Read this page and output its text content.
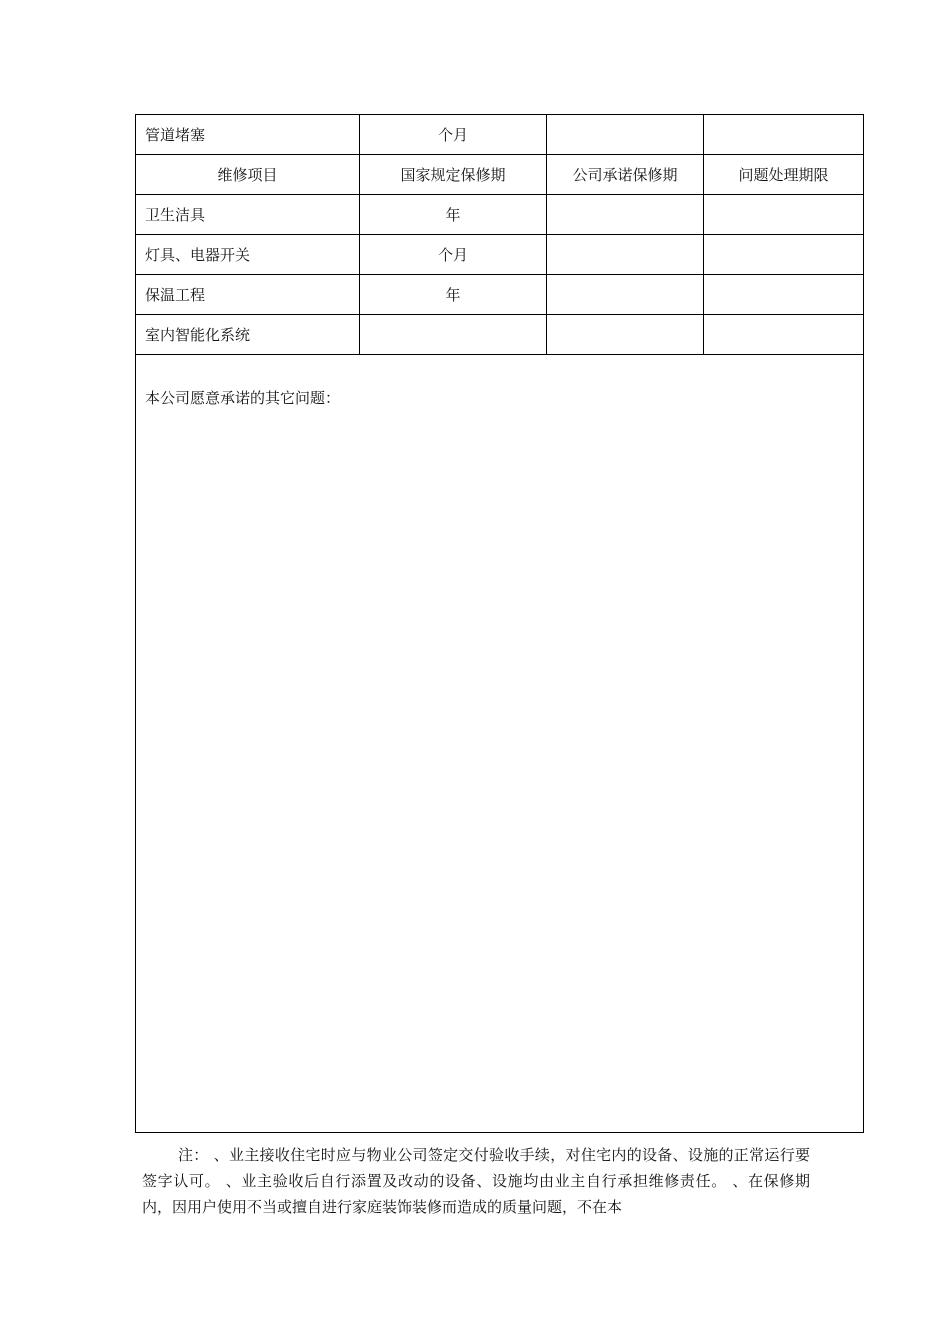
管道堵塞	个月		
维修项目	国家规定保修期	公司承诺保修期	问题处理期限
卫生洁具	年		
灯具、电器开关	个月		
保温工程	年		
室内智能化系统			
本公司愿意承诺的其它问题：			

注： 、业主接收住宅时应与物业公司签定交付验收手续，对住宅内的设备、设施的正常运行要签字认可。 、业主验收后自行添置及改动的设备、设施均由业主自行承担维修责任。 、在保修期内，因用户使用不当或擅自进行家庭装饰装修而造成的质量问题，不在本
